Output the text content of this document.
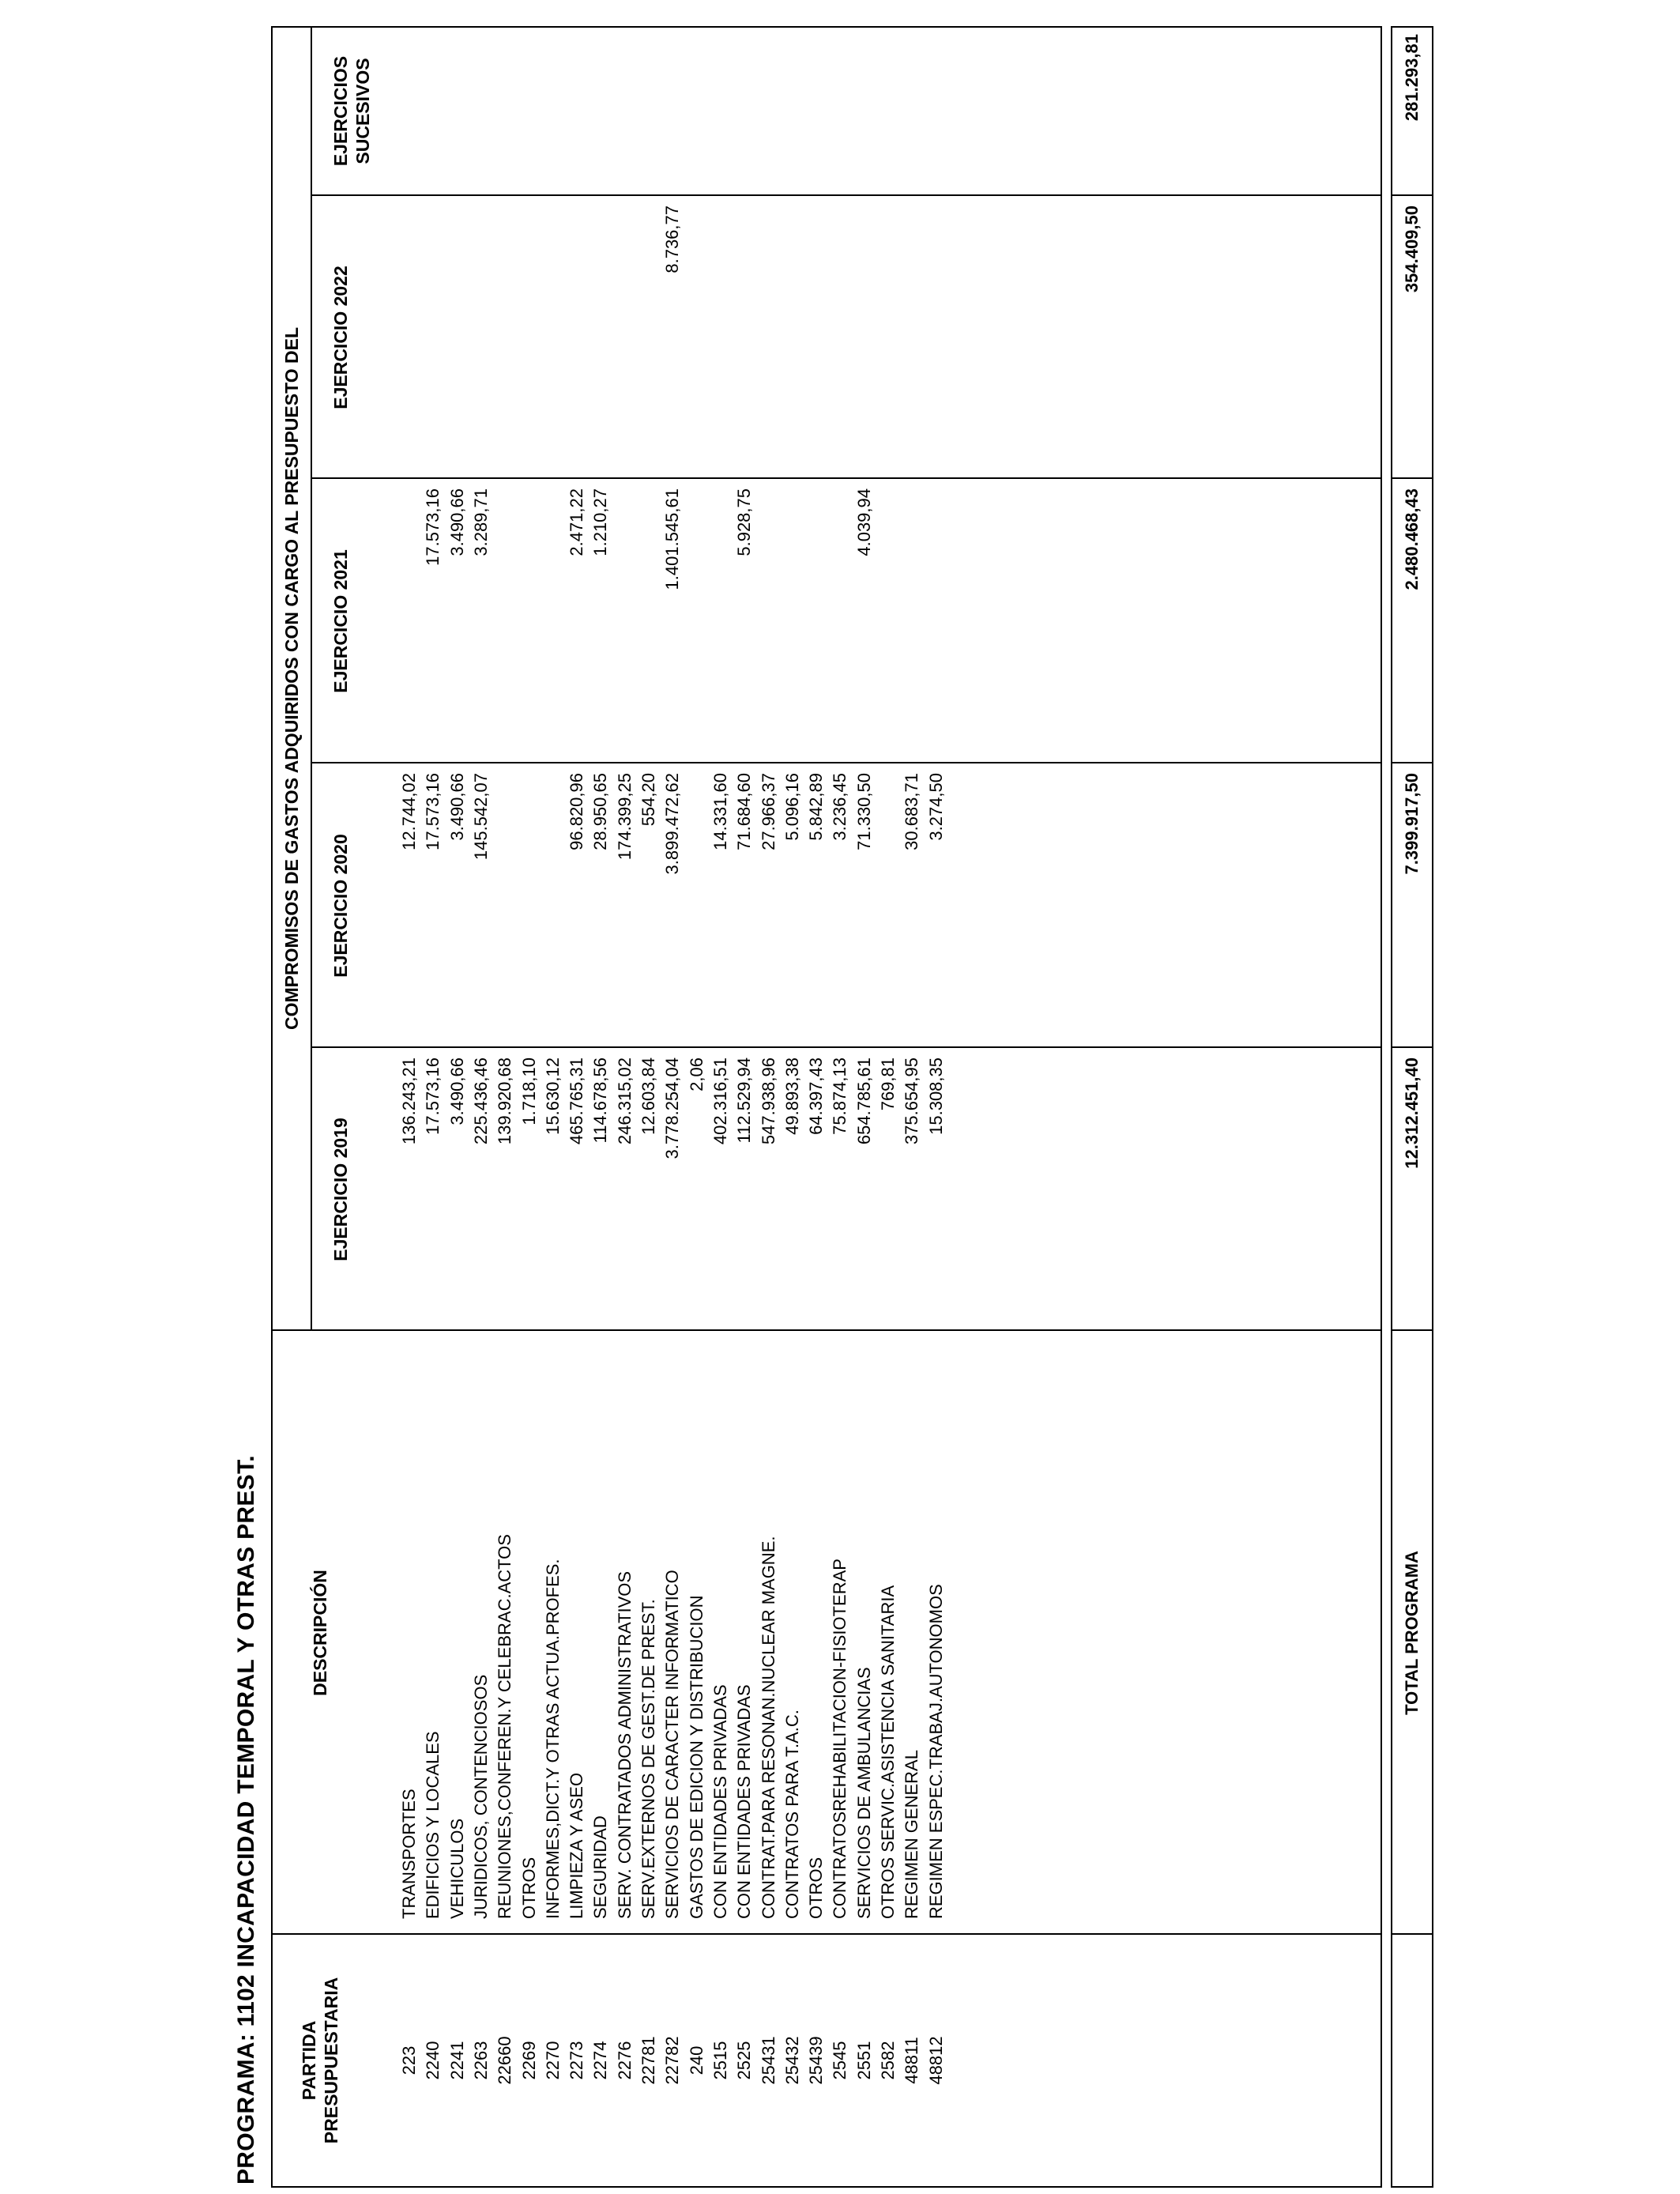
PROGRAMA: 1102 INCAPACIDAD TEMPORAL Y OTRAS PREST.	PARTIDA
PRESUPUESTARIA
DESCRIPCIÓN
COMPROMISOS DE GASTOS ADQUIRIDOS CON CARGO AL PRESUPUESTO DEL
EJERCICIO 2019
EJERCICIO 2020
EJERCICIO 2021
EJERCICIO 2022
EJERCICIOS SUCESIVOS
223
TRANSPORTES
136.243,21
12.744,02
2240
EDIFICIOS Y LOCALES
17.573,16
17.573,16
17.573,16
2241
VEHICULOS
3.490,66
3.490,66
3.490,66
2263
JURIDICOS, CONTENCIOSOS
225.436,46
145.542,07
3.289,71
22660
REUNIONES,CONFEREN.Y CELEBRAC.ACTOS
139.920,68
2269
OTROS
1.718,10
2270
INFORMES,DICT.Y OTRAS ACTUA.PROFES.
15.630,12
2273
LIMPIEZA Y ASEO
465.765,31
96.820,96
2.471,22
2274
SEGURIDAD
114.678,56
28.950,65
1.210,27
2276
SERV. CONTRATADOS ADMINISTRATIVOS
246.315,02
174.399,25
22781
SERV.EXTERNOS DE GEST.DE PREST.
12.603,84
554,20
22782
SERVICIOS DE CARACTER INFORMATICO
3.778.254,04
3.899.472,62
1.401.545,61
8.736,77
240
GASTOS DE EDICION Y DISTRIBUCION
2,06
2515
CON ENTIDADES PRIVADAS
402.316,51
14.331,60
2525
CON ENTIDADES PRIVADAS
112.529,94
71.684,60
5.928,75
25431
CONTRAT.PARA RESONAN.NUCLEAR MAGNE.
547.938,96
27.966,37
25432
CONTRATOS PARA T.A.C.
49.893,38
5.096,16
25439
OTROS
64.397,43
5.842,89
2545
CONTRATOSREHABILITACION-FISIOTERAP
75.874,13
3.236,45
2551
SERVICIOS DE AMBULANCIAS
654.785,61
71.330,50
4.039,94
2582
OTROS SERVIC.ASISTENCIA SANITARIA
769,81
48811
REGIMEN GENERAL
375.654,95
30.683,71
48812
REGIMEN ESPEC.TRABAJ.AUTONOMOS
15.308,35
3.274,50
TOTAL PROGRAMA
12.312.451,40
7.399.917,50
2.480.468,43
354.409,50
281.293,81
